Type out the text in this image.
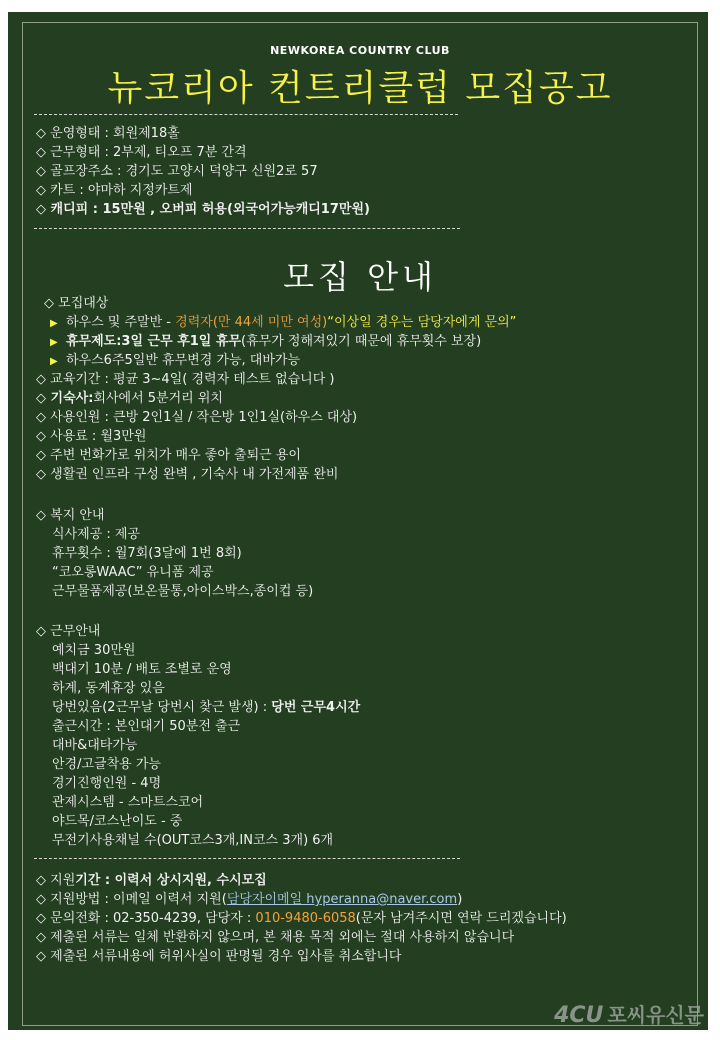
NEWKOREA COUNTRY CLUB
뉴코리아 컨트리클럽 모집공고
◇ 운영형태 : 회원제18홀
◇ 근무형태 : 2부제, 티오프 7분 간격
◇ 골프장주소 : 경기도 고양시 덕양구 신원2로 57
◇ 카트 : 야마하 지정카트제
◇ 캐디피 : 15만원 , 오버피 허용(외국어가능캐디17만원)
모집 안내
◇ 모집대상
▶ 하우스 및 주말반 - 경력자(만 44세 미만 여성)“이상일 경우는 담당자에게 문의”
▶ 휴무제도:3일 근무 후1일 휴무(휴무가 정해져있기 때문에 휴무횟수 보장)
▶ 하우스6주5일반 휴무변경 가능, 대바가능
◇ 교육기간 : 평균 3~4일( 경력자 테스트 없습니다 )
◇ 기숙사:회사에서 5분거리 위치
◇ 사용인원 : 큰방 2인1실 / 작은방 1인1실(하우스 대상)
◇ 사용료 : 월3만원
◇ 주변 번화가로 위치가 매우 좋아 출퇴근 용이
◇ 생활권 인프라 구성 완벽 , 기숙사 내 가전제품 완비
◇ 복지 안내
식사제공 : 제공
휴무횟수 : 월7회(3달에 1번 8회)
“코오롱WAAC” 유니폼 제공
근무물품제공(보온물통,아이스박스,종이컵 등)
◇ 근무안내
예치금 30만원
백대기 10분 / 배토 조별로 운영
하계, 동계휴장 있음
당번있음(2근무날 당번시 찾근 발생) : 당번 근무4시간
출근시간 : 본인대기 50분전 출근
대바&대타가능
안경/고글착용 가능
경기진행인원 - 4명
관제시스템 - 스마트스코어
야드목/코스난이도 - 중
무전기사용채널 수(OUT코스3개,IN코스 3개) 6개
◇ 지원기간 : 이력서 상시지원, 수시모집
◇ 지원방법 : 이메일 이력서 지원(담당자이메일 hyperanna@naver.com)
◇ 문의전화 : 02-350-4239, 담당자 : 010-9480-6058(문자 남겨주시면 연락 드리겠습니다)
◇ 제출된 서류는 일체 반환하지 않으며, 본 채용 목적 외에는 절대 사용하지 않습니다
◇ 제출된 서류내용에 허위사실이 판명될 경우 입사를 취소합니다
4CU 포씨유신문
